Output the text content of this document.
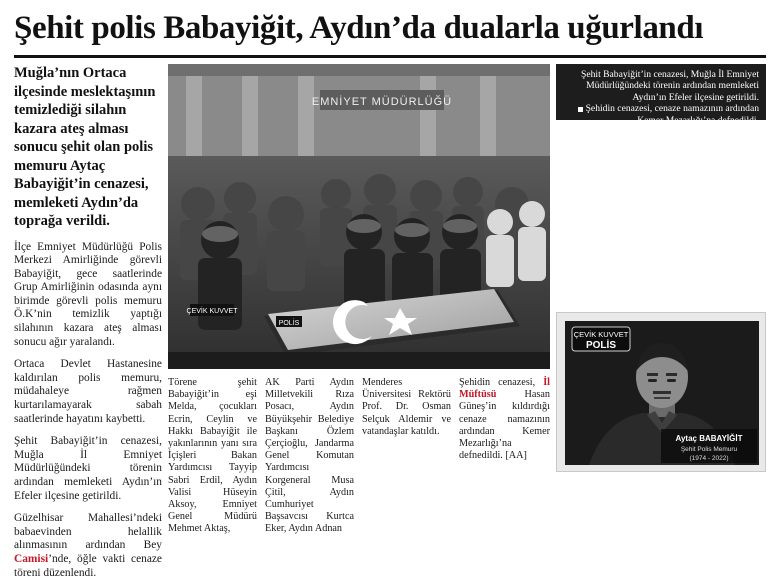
Şehit polis Babayiğit, Aydın’da dualarla uğurlandı

Muğla’nın Ortaca ilçesinde meslektaşının temizlediği silahın kazara ateş alması sonucu şehit olan polis memuru Aytaç Babayiğit’in cenazesi, memleketi Aydın’da toprağa verildi.

İlçe Emniyet Müdürlüğü Polis Merkezi Amirliğinde görevli Babayiğit, gece saatlerinde Grup Amirliğinin odasında aynı birimde görevli polis memuru Ö.K’nin temizlik yaptığı silahının kazara ateş alması sonucu ağır yaralandı.

Ortaca Devlet Hastanesine kaldırılan polis memuru, müdahaleye rağmen kurtarılamayarak sabah saatlerinde hayatını kaybetti.

Şehit Babayiğit’in cenazesi, Muğla İl Emniyet Müdürlüğündeki törenin ardından memleketi Aydın’ın Efeler ilçesine getirildi.

Güzelhisar Mahallesi’ndeki babaevinden helallik alınmasının ardından Bey Camisi’nde, öğle vakti cenaze töreni düzenlendi.

EMNİYET MÜDÜRLÜĞÜ
ÇEVİK KUVVET
POLİS

Şehit Babayiğit’in cenazesi, Muğla İl Emniyet Müdürlüğündeki törenin ardından memleketi Aydın’ın Efeler ilçesine getirildi.

Şehidin cenazesi, cenaze namazının ardından Kemer Mezarlığı’na defnedildi.

ÇEVİK KUVVET
POLİS
Aytaç BABAYİĞİT
Şehit Polis Memuru
(1974 - 2022)
Törene şehit Babayiğit’in eşi Melda, çocukları Ecrin, Ceylin ve Hakkı Babayiğit ile yakınlarının yanı sıra İçişleri Bakan Yardımcısı Tayyip Sabri Erdil, Aydın Valisi Hüseyin Aksoy, Emniyet Genel Müdürü Mehmet Aktaş,
AK Parti Aydın Milletvekili Rıza Posacı, Aydın Büyükşehir Belediye Başkanı Özlem Çerçioğlu, Jandarma Genel Komutan Yardımcısı Korgeneral Musa Çitil, Aydın Cumhuriyet Başsavcısı Kurtca Eker, Aydın Adnan
Menderes Üniversitesi Rektörü Prof. Dr. Osman Selçuk Aldemir ve vatandaşlar katıldı.
Şehidin cenazesi, İl Müftüsü Hasan Güneş’in kıldırdığı cenaze namazının ardından Kemer Mezarlığı’na defnedildi. [AA]
